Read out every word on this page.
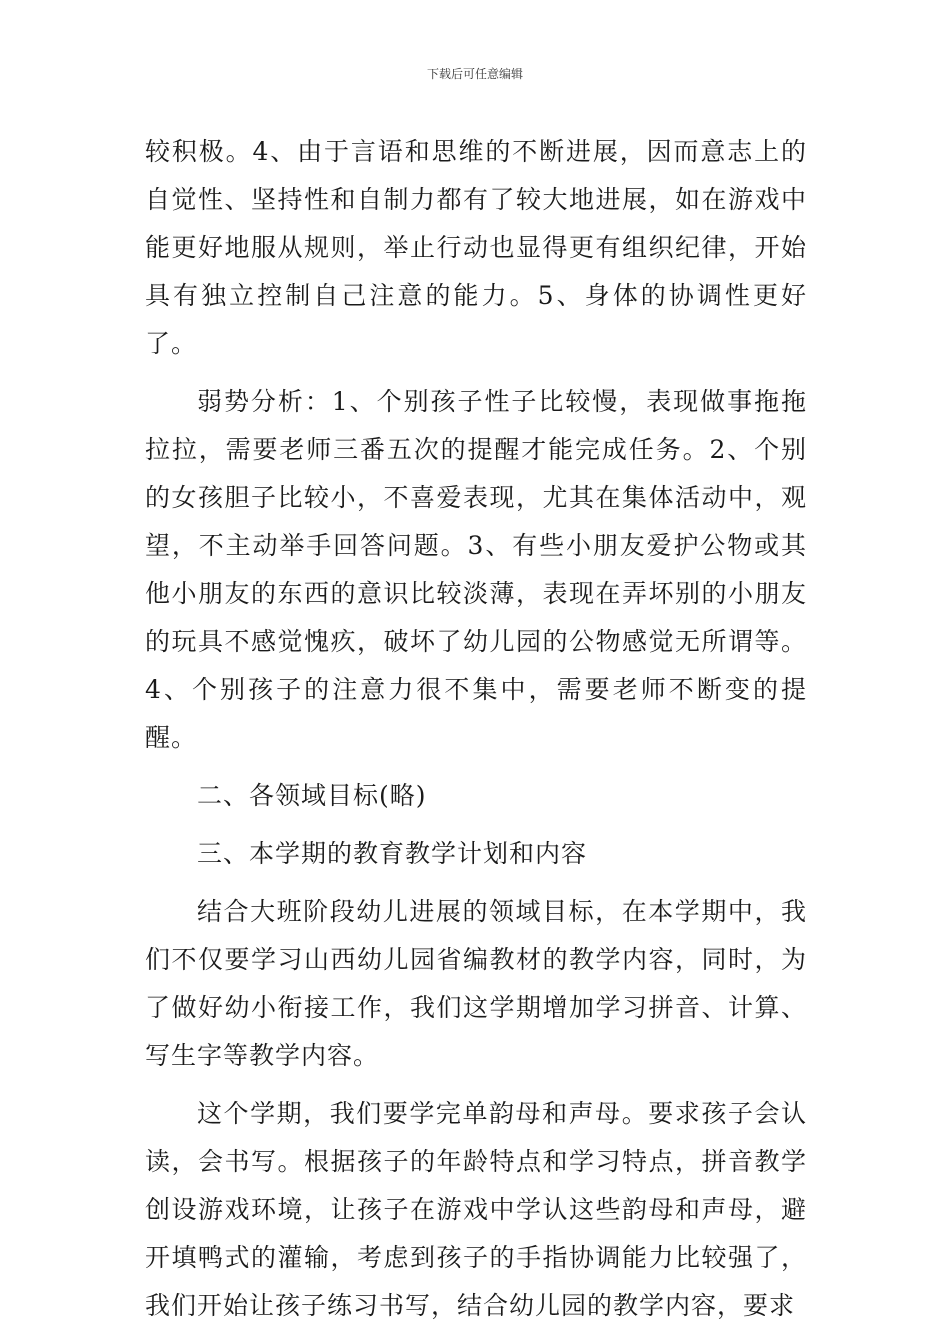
下载后可任意编辑

较积极。4、由于言语和思维的不断进展，因而意志上的自觉性、坚持性和自制力都有了较大地进展，如在游戏中能更好地服从规则，举止行动也显得更有组织纪律，开始具有独立控制自己注意的能力。5、身体的协调性更好了。

弱势分析：1、个别孩子性子比较慢，表现做事拖拖拉拉，需要老师三番五次的提醒才能完成任务。2、个别的女孩胆子比较小，不喜爱表现，尤其在集体活动中，观望，不主动举手回答问题。3、有些小朋友爱护公物或其他小朋友的东西的意识比较淡薄，表现在弄坏别的小朋友的玩具不感觉愧疚，破坏了幼儿园的公物感觉无所谓等。4、个别孩子的注意力很不集中，需要老师不断变的提醒。

二、各领域目标(略)

三、本学期的教育教学计划和内容

结合大班阶段幼儿进展的领域目标，在本学期中，我们不仅要学习山西幼儿园省编教材的教学内容，同时，为了做好幼小衔接工作，我们这学期增加学习拼音、计算、写生字等教学内容。

这个学期，我们要学完单韵母和声母。要求孩子会认读，会书写。根据孩子的年龄特点和学习特点，拼音教学创设游戏环境，让孩子在游戏中学认这些韵母和声母，避开填鸭式的灌输，考虑到孩子的手指协调能力比较强了，我们开始让孩子练习书写，结合幼儿园的教学内容，要求
